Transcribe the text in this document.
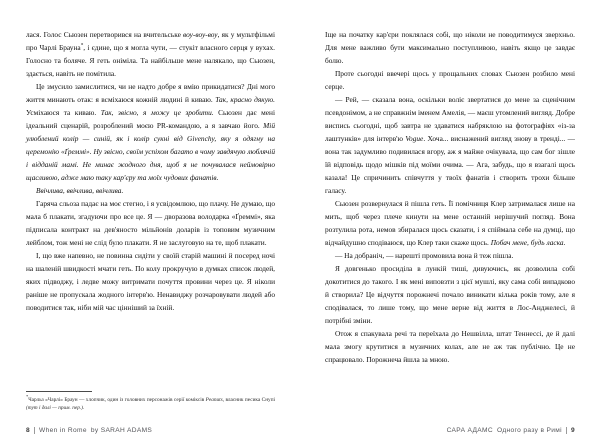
лася. Голос Сьюзен перетворився на вчительське воу-воу-воу, як у мультфільмі про Чарлі Брауна*, і єдине, що я могла чути, — стукіт власного серця у вухах. Голосно та боляче. Я геть оніміла. Та найбільше мене налякало, що Сьюзен, здається, навіть не помітила.

Це змусило замислитися, чи не надто добре я вмію прикидатися? Дні мого життя минають отак: я всміхаюся кожній людині й киваю. Так, красно дякую. Усміхаюся та киваю. Так, звісно, я можу це зробити. Сьюзен дає мені ідеальний сценарій, розроблений моєю PR-командою, а я завчаю його. Мій улюблений колір — синій, як і колір сукні від Givenchy, яку я одягну на церемонію «Ґреммі». Ну звісно, своїм успіхом багато в чому завдячую люблячій і відданій мамі. Не минає жодного дня, щоб я не почувалася неймовірно щасливою, адже маю таку кар'єру та моїх чудових фанатів.

Ввічлива, ввічлива, ввічлива.

Гаряча сльоза падає на моє стегно, і я усвідомлюю, що плачу. Не думаю, що мала б плакати, згадуючи про все це. Я — дворазова володарка «Ґреммі», яка підписала контракт на дев'яносто мільйонів доларів із топовим музичним лейблом, тож мені не слід було плакати. Я не заслуговую на те, щоб плакати.

І, що вже напевно, не повинна сидіти у своїй старій машині й посеред ночі на шаленій швидкості мчати геть. По колу прокручую в думках список людей, яких підводжу, і ледве можу витримати почуття провини через це. Я ніколи раніше не пропускала жодного інтерв'ю. Ненавиджу розчаровувати людей або поводитися так, ніби мій час цінніший за їхній.

*Чарльз «Чарлі» Браун — хлопчик, один із головних персонажів серії коміксів Peanuts, власник песика Снупі (тут і далі — прим. пер.).
8 When in Rome by SARAH ADAMS

Іще на початку кар'єри поклялася собі, що ніколи не поводитимуся зверхньо. Для мене важливо бути максимально поступливою, навіть якщо це завдає болю.

Проте сьогодні ввечері щось у прощальних словах Сьюзен розбило мені серце.

— Рей, — сказала вона, оскільки воліє звертатися до мене за сценічним псевдонімом, а не справжнім іменем Амелія, — маєш утомлений вигляд. Добре виспись сьогодні, щоб завтра не здаватися набряклою на фотографіях «із-за лаштунків» для інтерв'ю Vogue. Хоча... виснажений вигляд знову в тренді... — вона так задумливо подивилася вгору, аж я майже очікувала, що сам бог зішле їй відповідь щодо мішків під моїми очима. — Ага, забудь, що я взагалі щось казала! Це спричинить співчуття у твоїх фанатів і створить трохи більше галасу.

Сьюзен розвернулася й пішла геть. Її помічниця Клер затрималася лише на мить, щоб через плече кинути на мене останній нерішучий погляд. Вона розтулила рота, немов збиралася щось сказати, і я спіймала себе на думці, що відчайдушно сподіваюся, що Клер таки скаже щось. Побач мене, будь ласка.

— На добраніч, — нарешті промовила вона й теж пішла.

Я довгенько просиділа в лункій тиші, дивуючись, як дозволила собі докотитися до такого. І як мені виповзти з цієї мушлі, яку сама собі випадково й створила? Це відчуття порожнечі почало виникати кілька років тому, але я сподівалася, то лише тому, що мене верне від життя в Лос-Анджелесі, й потрібні зміни.

Отож я спакувала речі та переїхала до Нешвілла, штат Теннессі, де й далі мала змогу крутитися в музичних колах, але не аж так публічно. Це не спрацювало. Порожнеча йшла за мною.

САРА АДАМС Одного разу в Римі 9
